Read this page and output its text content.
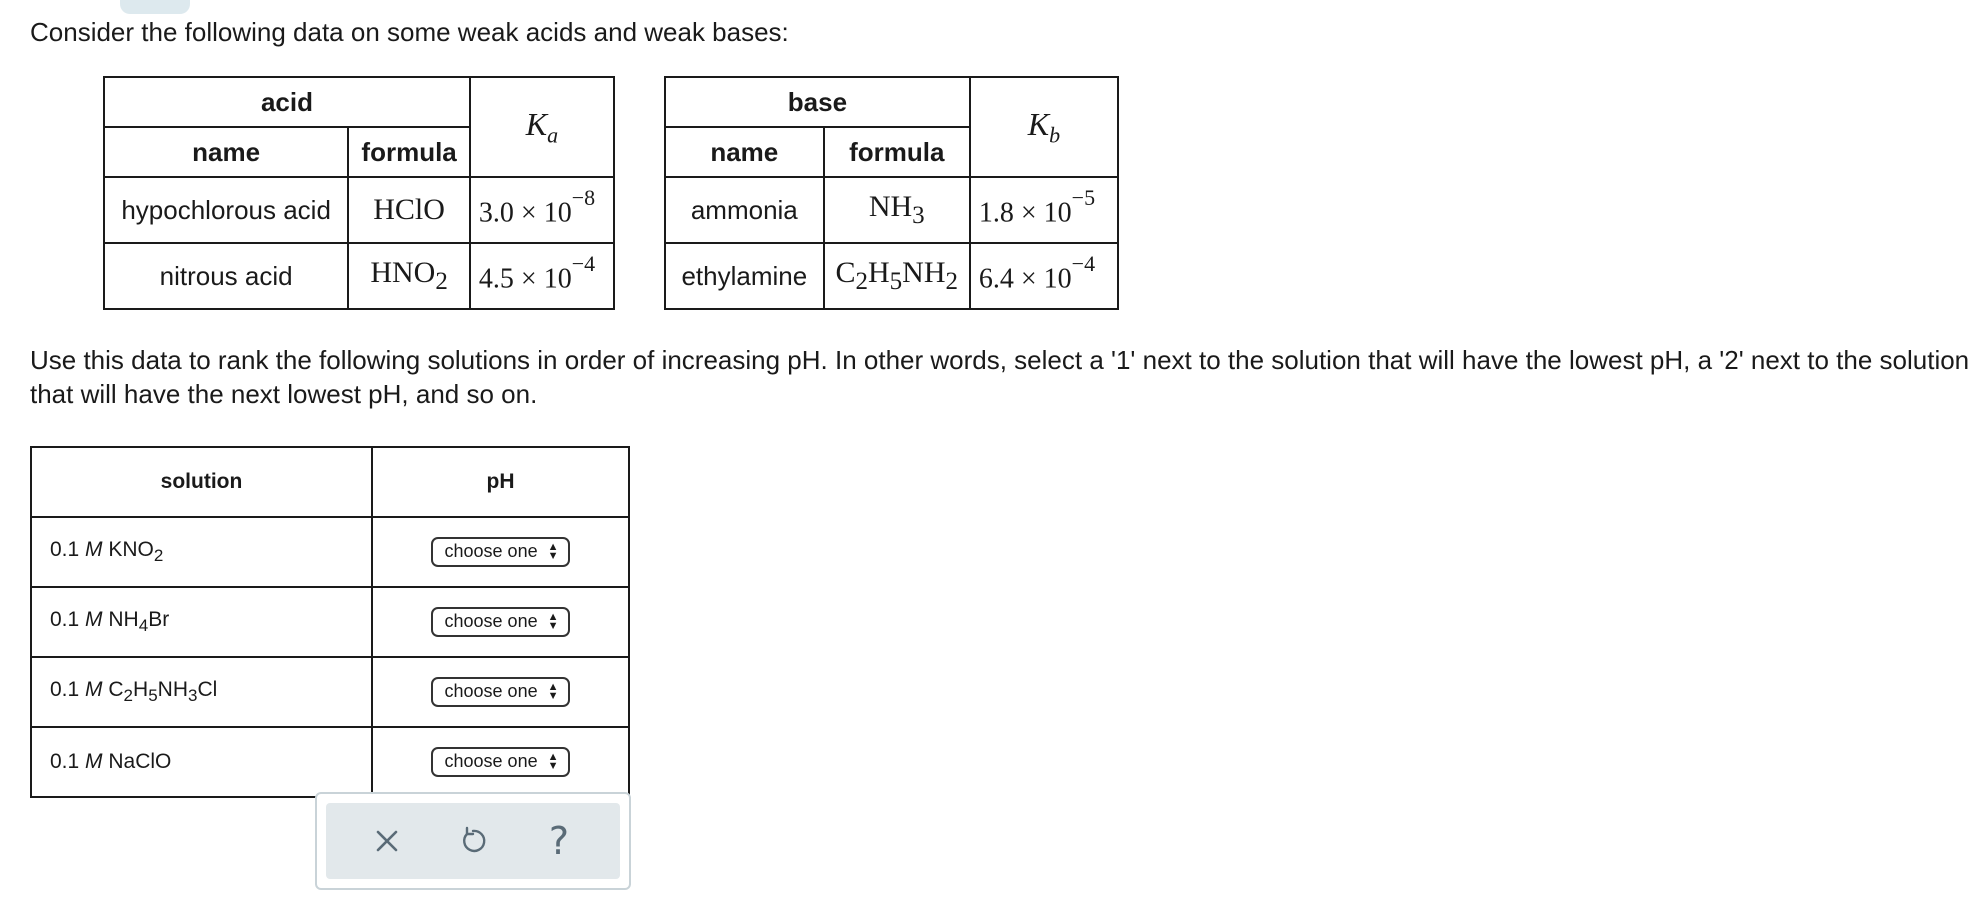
Consider the following data on some weak acids and weak bases:

acid		$K_a$
name	formula	
hypochlorous acid	HClO	$3.0 \times 10^{-8}$
nitrous acid	$HNO_2$	$4.5 \times 10^{-4}$
base		$K_b$
name	formula	
ammonia	$NH_3$	$1.8 \times 10^{-5}$
ethylamine	$C_2H_5NH_2$	$6.4 \times 10^{-4}$

Use this data to rank the following solutions in order of increasing pH. In other words, select a '1' next to the solution that will have the lowest pH, a '2' next to the solution that will have the next lowest pH, and so on.

solution	pH
0.1 M $KNO_2$	choose one ▲
▼
0.1 M $NH_4Br$	choose one ▲
▼
0.1 M $C_2H_5NH_3Cl$	choose one ▲
▼
0.1 M NaClO	choose one ▲
▼
?
